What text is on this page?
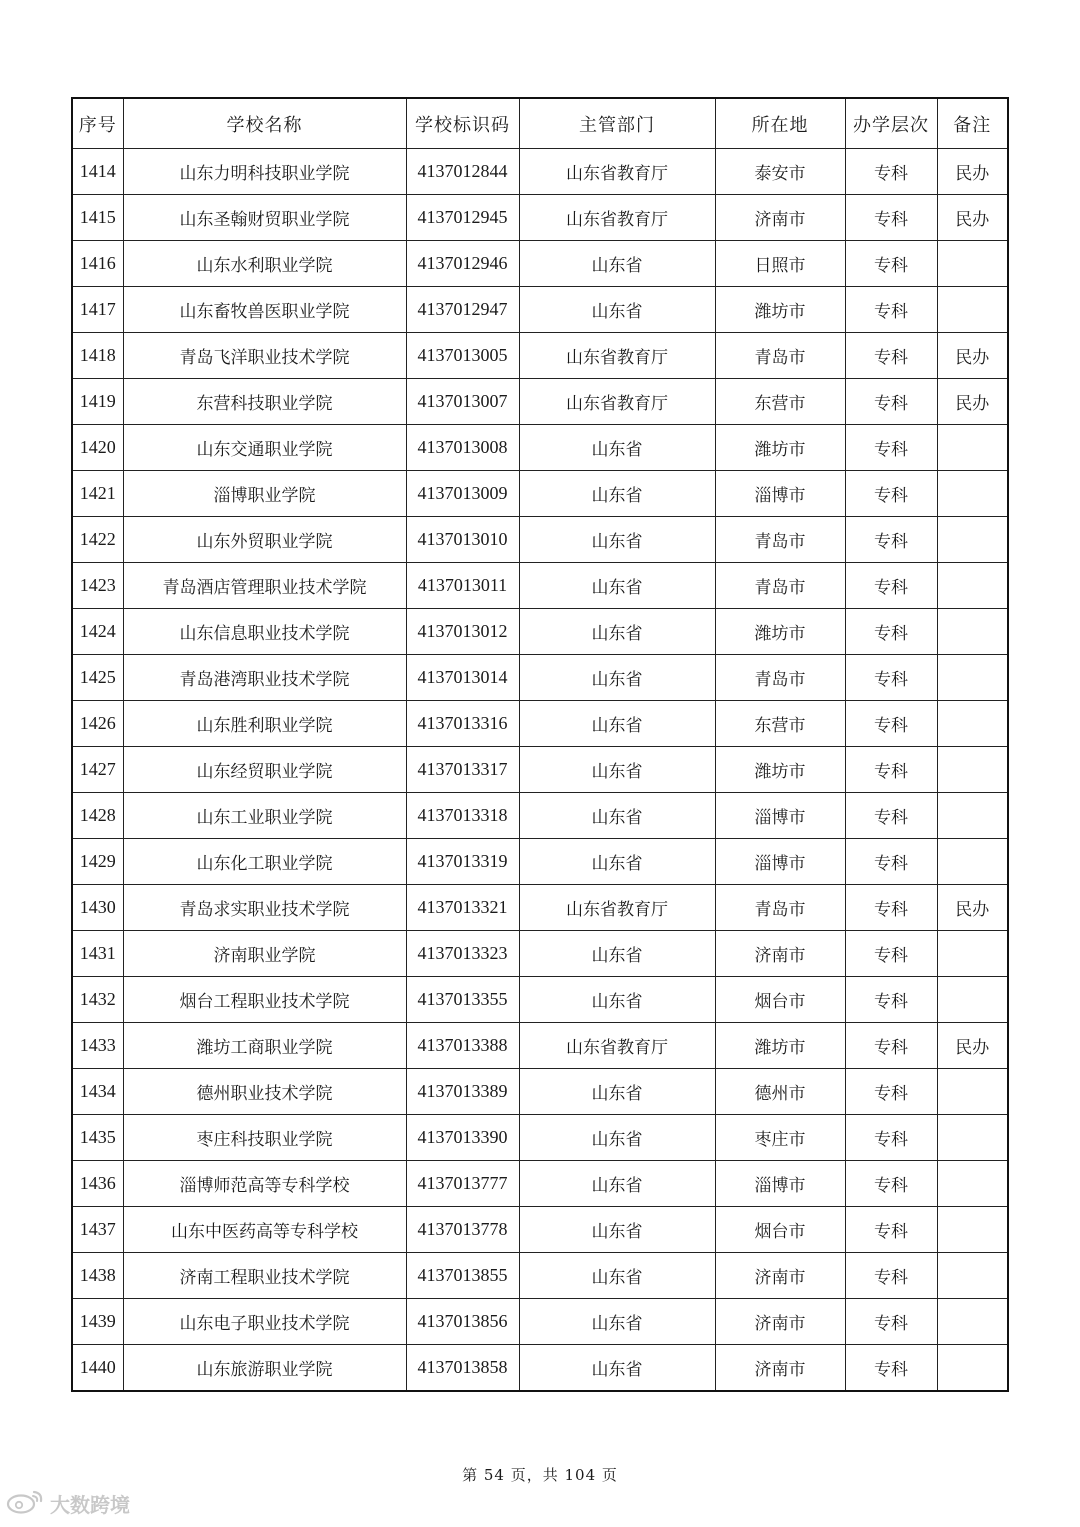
序号	学校名称	学校标识码	主管部门	所在地	办学层次	备注
1414	山东力明科技职业学院	4137012844	山东省教育厅	泰安市	专科	民办
1415	山东圣翰财贸职业学院	4137012945	山东省教育厅	济南市	专科	民办
1416	山东水利职业学院	4137012946	山东省	日照市	专科	
1417	山东畜牧兽医职业学院	4137012947	山东省	潍坊市	专科	
1418	青岛飞洋职业技术学院	4137013005	山东省教育厅	青岛市	专科	民办
1419	东营科技职业学院	4137013007	山东省教育厅	东营市	专科	民办
1420	山东交通职业学院	4137013008	山东省	潍坊市	专科	
1421	淄博职业学院	4137013009	山东省	淄博市	专科	
1422	山东外贸职业学院	4137013010	山东省	青岛市	专科	
1423	青岛酒店管理职业技术学院	4137013011	山东省	青岛市	专科	
1424	山东信息职业技术学院	4137013012	山东省	潍坊市	专科	
1425	青岛港湾职业技术学院	4137013014	山东省	青岛市	专科	
1426	山东胜利职业学院	4137013316	山东省	东营市	专科	
1427	山东经贸职业学院	4137013317	山东省	潍坊市	专科	
1428	山东工业职业学院	4137013318	山东省	淄博市	专科	
1429	山东化工职业学院	4137013319	山东省	淄博市	专科	
1430	青岛求实职业技术学院	4137013321	山东省教育厅	青岛市	专科	民办
1431	济南职业学院	4137013323	山东省	济南市	专科	
1432	烟台工程职业技术学院	4137013355	山东省	烟台市	专科	
1433	潍坊工商职业学院	4137013388	山东省教育厅	潍坊市	专科	民办
1434	德州职业技术学院	4137013389	山东省	德州市	专科	
1435	枣庄科技职业学院	4137013390	山东省	枣庄市	专科	
1436	淄博师范高等专科学校	4137013777	山东省	淄博市	专科	
1437	山东中医药高等专科学校	4137013778	山东省	烟台市	专科	
1438	济南工程职业技术学院	4137013855	山东省	济南市	专科	
1439	山东电子职业技术学院	4137013856	山东省	济南市	专科	
1440	山东旅游职业学院	4137013858	山东省	济南市	专科	
第 54 页，共 104 页
大数跨境
